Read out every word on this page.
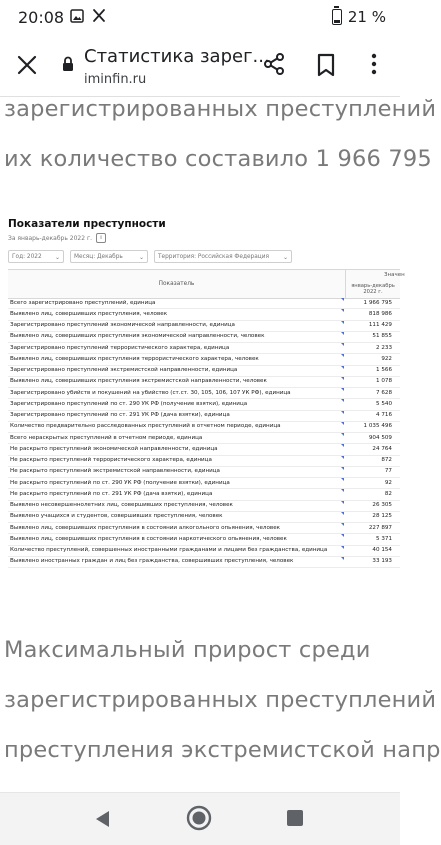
20:08	21 %
Статистика зарег...
iminfin.ru
зарегистрированных преступлений
их количество составило 1 966 795
Показатели преступности
За январь-декабрь 2022 г.	i
Год: 2022 ⌄	Месяц: Декабрь	⌄	Территория: Российская Федерация ⌄
Показатель
Значен
январь-декабрь 2022 г.
Всего зарегистрировано преступлений, единица	1 966 795
Выявлено лиц, совершивших преступления, человек	818 986
Зарегистрировано преступлений экономической направленности, единица	111 429
Выявлено лиц, совершивших преступления экономической направленности, человек	51 855
Зарегистрировано преступлений террористического характера, единица	2 233
Выявлено лиц, совершивших преступления террористического характера, человек	922
Зарегистрировано преступлений экстремистской направленности, единица	1 566
Выявлено лиц, совершивших преступления экстремистской направленности, человек	1 078
Зарегистрировано убийств и покушений на убийство (ст.ст. 30, 105, 106, 107 УК РФ), единица	7 628
Зарегистрировано преступлений по ст. 290 УК РФ (получение взятки), единица	5 540
Зарегистрировано преступлений по ст. 291 УК РФ (дача взятки), единица	4 716
Количество предварительно расследованных преступлений в отчетном периоде, единица	1 035 496
Всего нераскрытых преступлений в отчетном периоде, единица	904 509
Не раскрыто преступлений экономической направленности, единица	24 764
Не раскрыто преступлений террористического характера, единица	872
Не раскрыто преступлений экстремистской направленности, единица	77
Не раскрыто преступлений по ст. 290 УК РФ (получение взятки), единица	92
Не раскрыто преступлений по ст. 291 УК РФ (дача взятки), единица	82
Выявлено несовершеннолетних лиц, совершивших преступления, человек	26 305
Выявлено учащихся и студентов, совершивших преступления, человек	28 125
Выявлено лиц, совершивших преступления в состоянии алкогольного опьянения, человек	227 897
Выявлено лиц, совершивших преступления в состоянии наркотического опьянения, человек	5 371
Количество преступлений, совершенных иностранными гражданами и лицами без гражданства, единица	40 154
Выявлено иностранных граждан и лиц без гражданства, совершивших преступления, человек	33 193
Максимальный прирост среди
зарегистрированных преступлений
преступления экстремистской напр
